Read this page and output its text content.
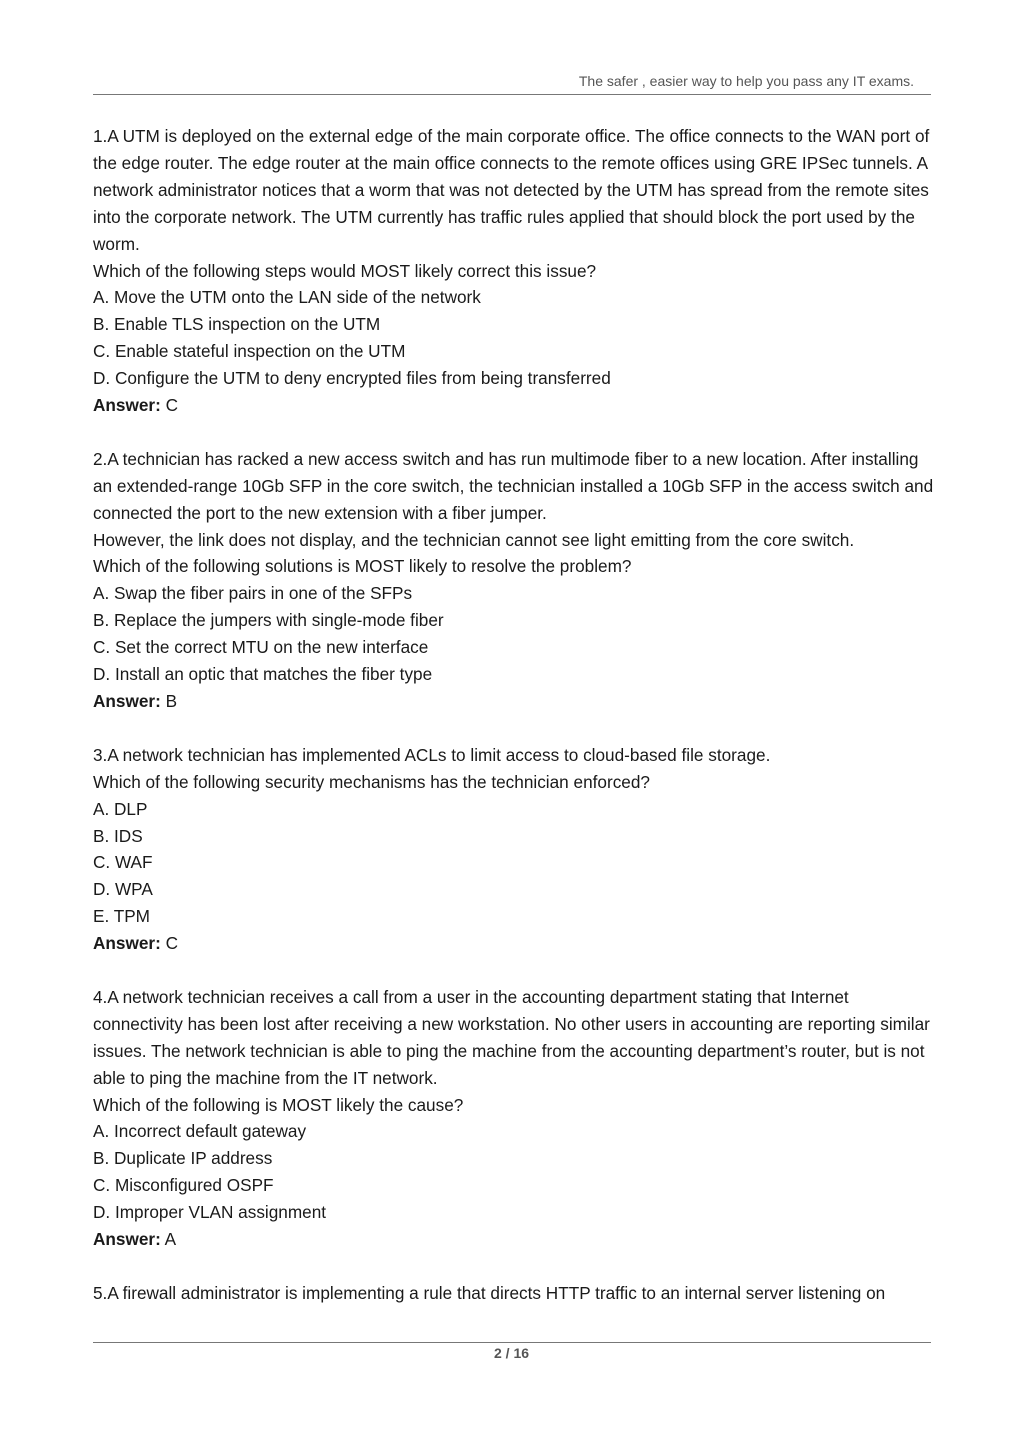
The safer , easier way to help you pass any IT exams.

1.A UTM is deployed on the external edge of the main corporate office. The office connects to the WAN port of the edge router. The edge router at the main office connects to the remote offices using GRE IPSec tunnels. A network administrator notices that a worm that was not detected by the UTM has spread from the remote sites into the corporate network. The UTM currently has traffic rules applied that should block the port used by the worm.

Which of the following steps would MOST likely correct this issue?

A. Move the UTM onto the LAN side of the network

B. Enable TLS inspection on the UTM

C. Enable stateful inspection on the UTM

D. Configure the UTM to deny encrypted files from being transferred

Answer: C

2.A technician has racked a new access switch and has run multimode fiber to a new location. After installing an extended-range 10Gb SFP in the core switch, the technician installed a 10Gb SFP in the access switch and connected the port to the new extension with a fiber jumper.

However, the link does not display, and the technician cannot see light emitting from the core switch.

Which of the following solutions is MOST likely to resolve the problem?

A. Swap the fiber pairs in one of the SFPs

B. Replace the jumpers with single-mode fiber

C. Set the correct MTU on the new interface

D. Install an optic that matches the fiber type

Answer: B

3.A network technician has implemented ACLs to limit access to cloud-based file storage.

Which of the following security mechanisms has the technician enforced?

A. DLP

B. IDS

C. WAF

D. WPA

E. TPM

Answer: C

4.A network technician receives a call from a user in the accounting department stating that Internet connectivity has been lost after receiving a new workstation. No other users in accounting are reporting similar issues. The network technician is able to ping the machine from the accounting department’s router, but is not able to ping the machine from the IT network.

Which of the following is MOST likely the cause?

A. Incorrect default gateway

B. Duplicate IP address

C. Misconfigured OSPF

D. Improper VLAN assignment

Answer: A

5.A firewall administrator is implementing a rule that directs HTTP traffic to an internal server listening on

2 / 16
